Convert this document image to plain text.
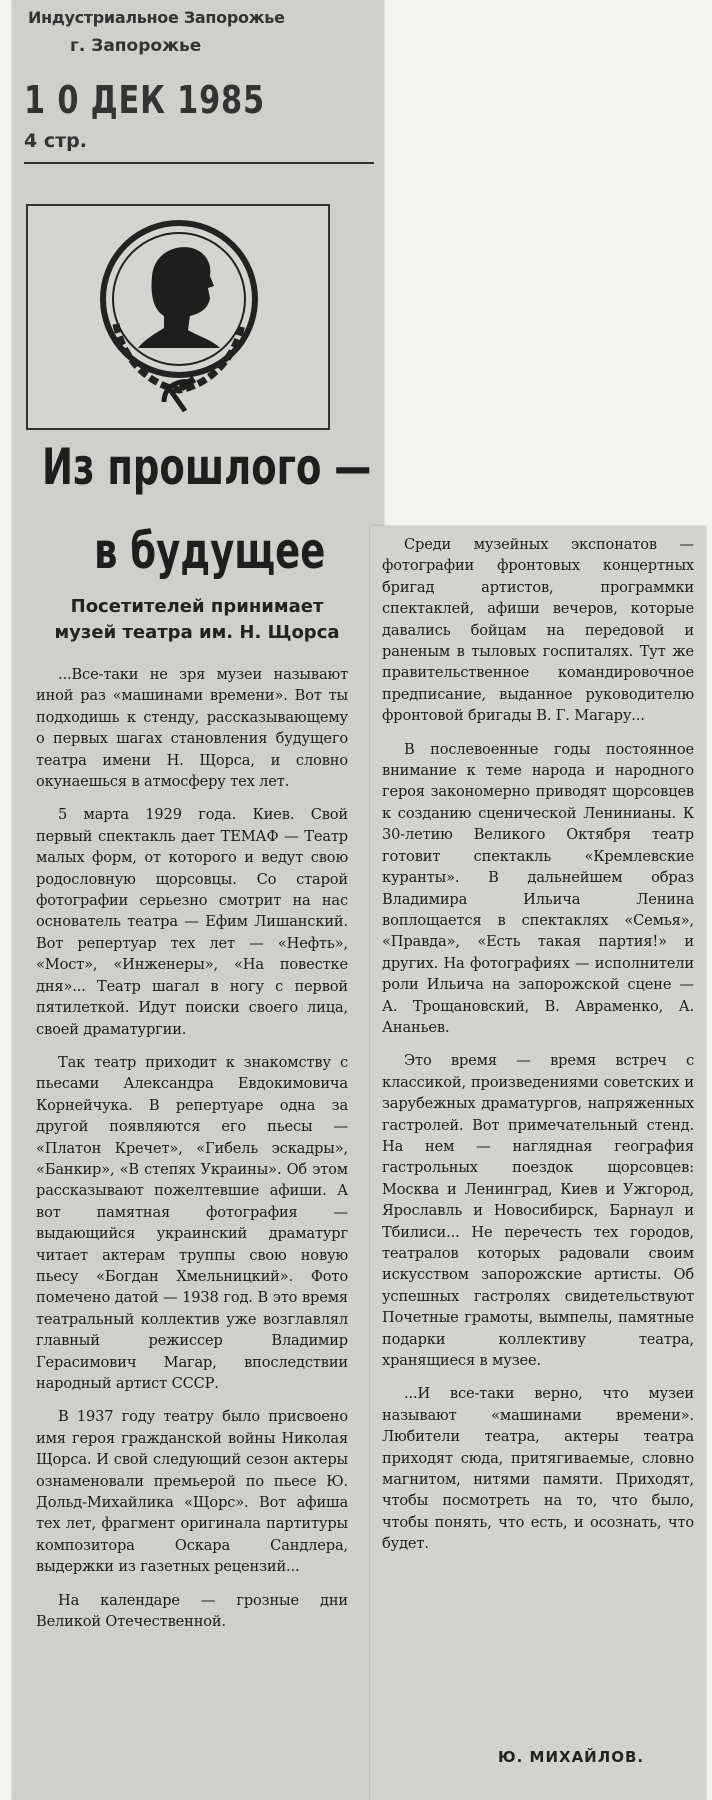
Индустриальное Запорожье
г. Запорожье
1 0 ДЕК 1985
4 стр.
Из прошлого —
в будущее
Посетителей принимает
музей театра им. Н. Щорса

...Все-таки не зря музеи называют иной раз «машинами времени». Вот ты подходишь к стенду, рассказывающему о первых шагах становления будущего театра имени Н. Щорса, и словно окунаешься в атмосферу тех лет.

5 марта 1929 года. Киев. Свой первый спектакль дает ТЕМАФ — Театр малых форм, от которого и ведут свою родословную щорсовцы. Со старой фотографии серьезно смотрит на нас основатель театра — Ефим Лишанский. Вот репертуар тех лет — «Нефть», «Мост», «Инженеры», «На повестке дня»... Театр шагал в ногу с первой пятилеткой. Идут поиски своего лица, своей драматургии.

Так театр приходит к знакомству с пьесами Александра Евдокимовича Корнейчука. В репертуаре одна за другой появляются его пьесы — «Платон Кречет», «Гибель эскадры», «Банкир», «В степях Украины». Об этом рассказывают пожелтевшие афиши. А вот памятная фотография — выдающийся украинский драматург читает актерам труппы свою новую пьесу «Богдан Хмельницкий». Фото помечено датой — 1938 год. В это время театральный коллектив уже возглавлял главный режиссер Владимир Герасимович Магар, впоследствии народный артист СССР.

В 1937 году театру было присвоено имя героя гражданской войны Николая Щорса. И свой следующий сезон актеры ознаменовали премьерой по пьесе Ю. Дольд-Михайлика «Щорс». Вот афиша тех лет, фрагмент оригинала партитуры композитора Оскара Сандлера, выдержки из газетных рецензий...

На календаре — грозные дни Великой Отечественной.

Среди музейных экспонатов — фотографии фронтовых концертных бригад артистов, программки спектаклей, афиши вечеров, которые давались бойцам на передовой и раненым в тыловых госпиталях. Тут же правительственное командировочное предписание, выданное руководителю фронтовой бригады В. Г. Магару...

В послевоенные годы постоянное внимание к теме народа и народного героя закономерно приводят щорсовцев к созданию сценической Ленинианы. К 30-летию Великого Октября театр готовит спектакль «Кремлевские куранты». В дальнейшем образ Владимира Ильича Ленина воплощается в спектаклях «Семья», «Правда», «Есть такая партия!» и других. На фотографиях — исполнители роли Ильича на запорожской сцене — А. Трощановский, В. Авраменко, А. Ананьев.

Это время — время встреч с классикой, произведениями советских и зарубежных драматургов, напряженных гастролей. Вот примечательный стенд. На нем — наглядная география гастрольных поездок щорсовцев: Москва и Ленинград, Киев и Ужгород, Ярославль и Новосибирск, Барнаул и Тбилиси... Не перечесть тех городов, театралов которых радовали своим искусством запорожские артисты. Об успешных гастролях свидетельствуют Почетные грамоты, вымпелы, памятные подарки коллективу театра, хранящиеся в музее.

...И все-таки верно, что музеи называют «машинами времени». Любители театра, актеры театра приходят сюда, притягиваемые, словно магнитом, нитями памяти. Приходят, чтобы посмотреть на то, что было, чтобы понять, что есть, и осознать, что будет.

Ю. МИХАЙЛОВ.
